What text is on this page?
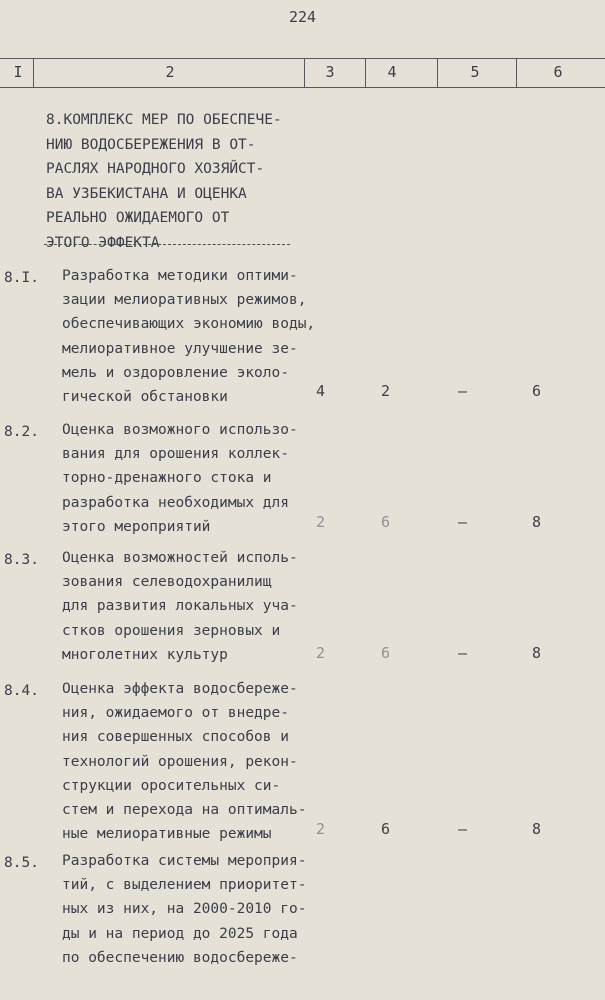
224
I	2	3	4	5	6
8.КОМПЛЕКС МЕР ПО ОБЕСПЕЧЕ-
НИЮ ВОДОСБЕРЕЖЕНИЯ В ОТ-
РАСЛЯХ НАРОДНОГО ХОЗЯЙСТ-
ВА УЗБЕКИСТАНА И ОЦЕНКА
РЕАЛЬНО ОЖИДАЕМОГО ОТ
ЭТОГО ЭФФЕКТА
8.I. Разработка методики оптими-
зации мелиоративных режимов,
обеспечивающих экономию воды,
мелиоративное улучшение зе-
мель и оздоровление эколо-
гической обстановки	4	2	–	6
8.2. Оценка возможного использо-
вания для орошения коллек-
торно-дренажного стока и
разработка необходимых для
этого мероприятий	2	6	–	8
8.3. Оценка возможностей исполь-
зования селеводохранилищ
для развития локальных уча-
стков орошения зерновых и
многолетних культур	2	6	–	8
8.4. Оценка эффекта водосбереже-
ния, ожидаемого от внедре-
ния совершенных способов и
технологий орошения, рекон-
струкции оросительных си-
стем и перехода на оптималь-
ные мелиоративные режимы	2	6	–	8
8.5. Разработка системы мероприя-
тий, с выделением приоритет-
ных из них, на 2000-2010 го-
ды и на период до 2025 года
по обеспечению водосбереже-
